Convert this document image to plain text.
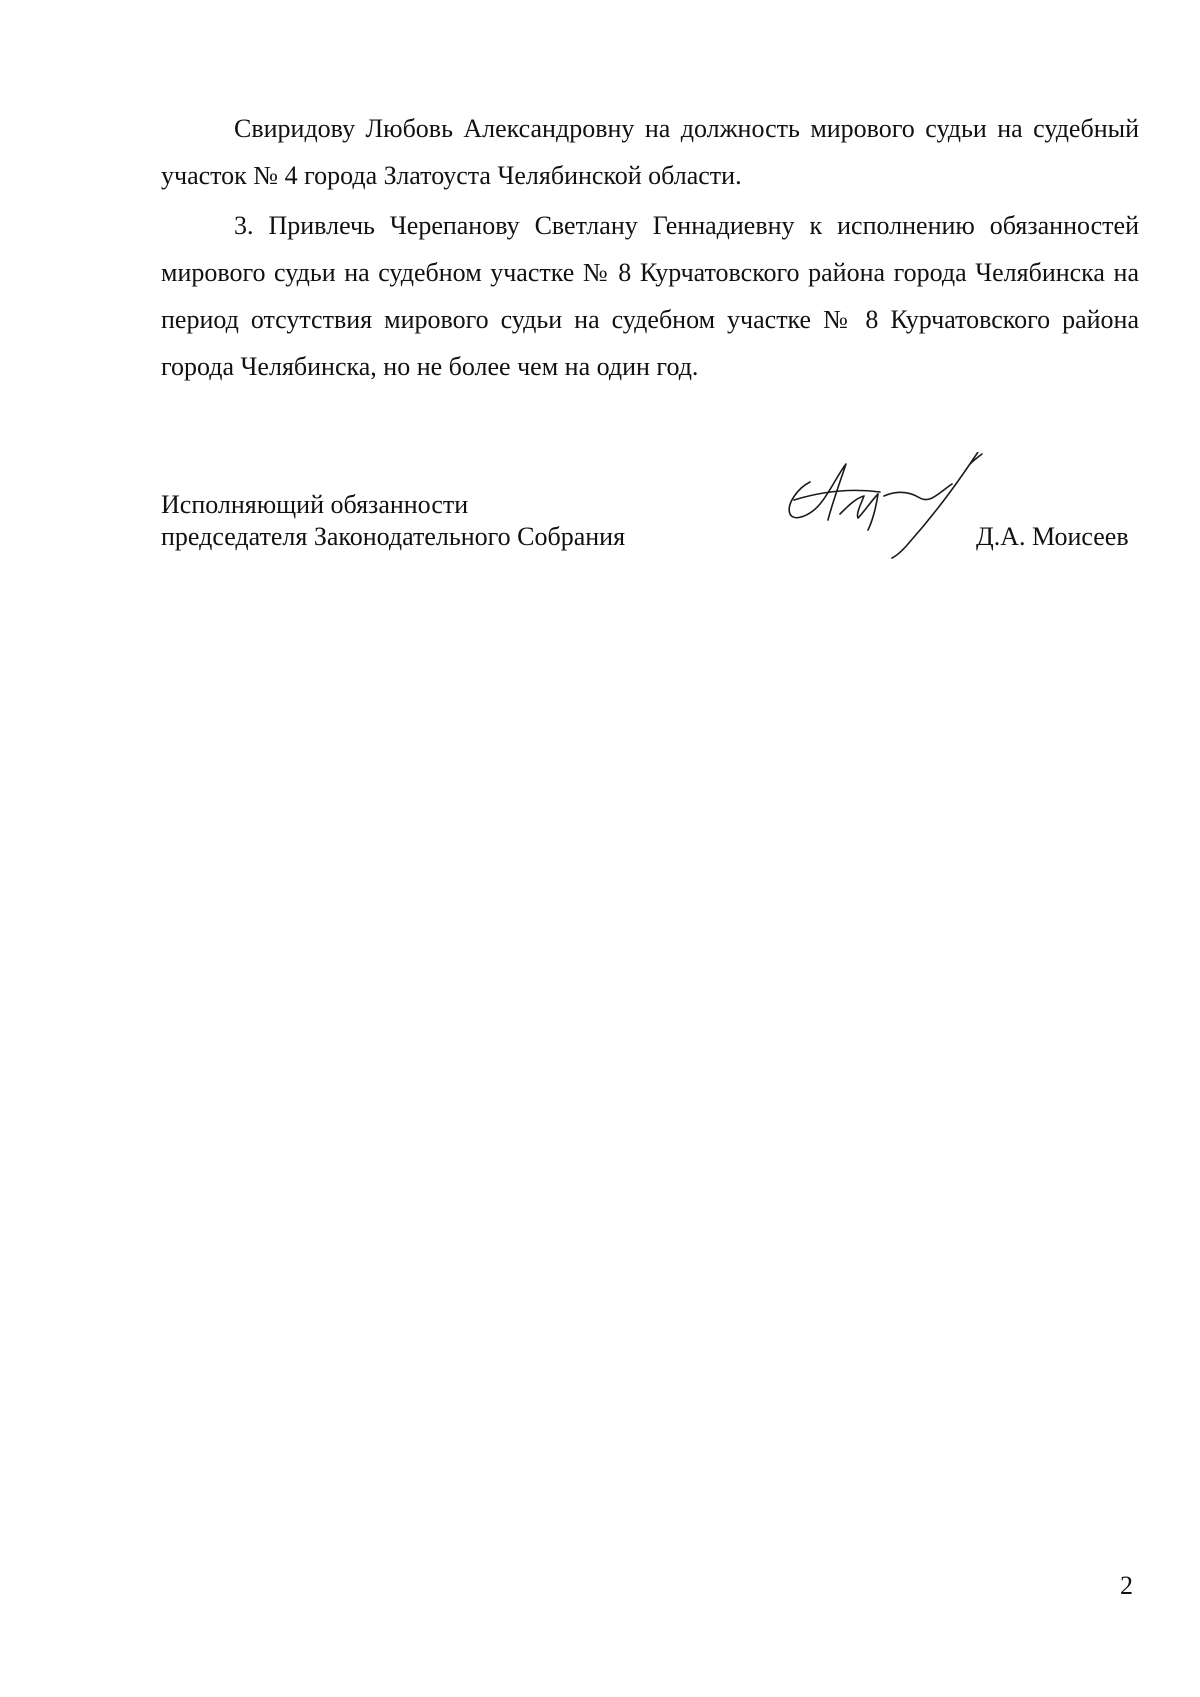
Свиридову Любовь Александровну на должность мирового судьи на судебный участок № 4 города Златоуста Челябинской области.

3. Привлечь Черепанову Светлану Геннадиевну к исполнению обязанностей мирового судьи на судебном участке № 8 Курчатовского района города Челябинска на период отсутствия мирового судьи на судебном участке № 8 Курчатовского района города Челябинска, но не более чем на один год.

Исполняющий обязанности
председателя Законодательного Собрания	Д.А. Моисеев
2
